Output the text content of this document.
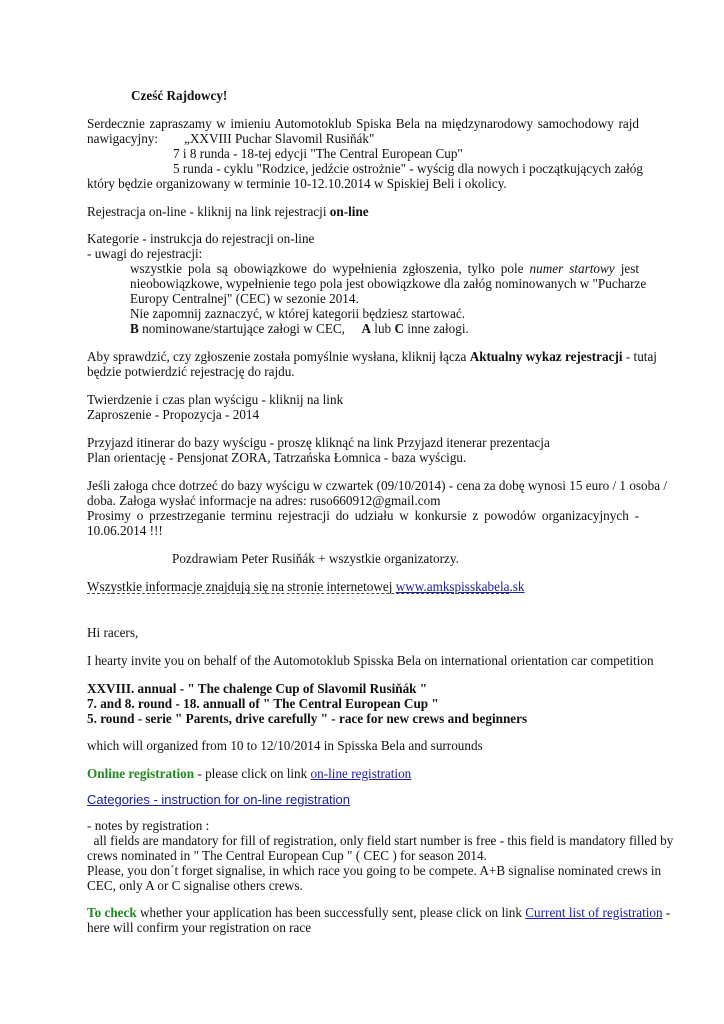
Cześć Rajdowcy!
Serdecznie zapraszamy w imieniu Automotoklub Spiska Bela na międzynarodowy samochodowy rajd
nawigacyjny: „XXVIII Puchar Slavomil Rusiňák"
7 i 8 runda - 18-tej edycji "The Central European Cup"
5 runda - cyklu "Rodzice, jedźcie ostrożnie" - wyścig dla nowych i początkujących załóg
który będzie organizowany w terminie 10-12.10.2014 w Spiskiej Beli i okolicy.
Rejestracja on-line - kliknij na link rejestracji on-line
Kategorie - instrukcja do rejestracji on-line
- uwagi do rejestracji:
wszystkie pola są obowiązkowe do wypełnienia zgłoszenia, tylko pole numer startowy jest
nieobowiązkowe, wypełnienie tego pola jest obowiązkowe dla załóg nominowanych w "Pucharze
Europy Centralnej" (CEC) w sezonie 2014.
Nie zapomnij zaznaczyć, w której kategorii będziesz startować.
B nominowane/startujące załogi w CEC,     A lub C inne załogi.
Aby sprawdzić, czy zgłoszenie została pomyślnie wysłana, kliknij łącza Aktualny wykaz rejestracji - tutaj
będzie potwierdzić rejestrację do rajdu.
Twierdzenie i czas plan wyścigu - kliknij na link
Zaproszenie - Propozycja - 2014
Przyjazd itinerar do bazy wyścigu - proszę kliknąć na link Przyjazd itenerar prezentacja
Plan orientację - Pensjonat ZORA, Tatrzańska Łomnica - baza wyścigu.
Jeśli załoga chce dotrzeć do bazy wyścigu w czwartek (09/10/2014) - cena za dobę wynosi 15 euro / 1 osoba /
doba. Załoga wysłać informacje na adres: ruso660912@gmail.com
Prosimy o przestrzeganie terminu rejestracji do udziału w konkursie z powodów organizacyjnych -
10.06.2014 !!!
Pozdrawiam Peter Rusiňák + wszystkie organizatorzy.
Wszystkie informacje znajdują się na stronie internetowej www.amkspisskabela.sk
Hi racers,
I hearty invite you on behalf of the Automotoklub Spisska Bela on international orientation car competition
XXVIII. annual - " The chalenge Cup of Slavomil Rusiňák "
7. and 8. round - 18. annuall of " The Central European Cup "
5. round - serie " Parents, drive carefully " - race for new crews and beginners
which will organized from 10 to 12/10/2014 in Spisska Bela and surrounds
Online registration - please click on link on-line registration
Categories - instruction for on-line registration
- notes by registration :
all fields are mandatory for fill of registration, only field start number is free - this field is mandatory filled by
crews nominated in " The Central European Cup " ( CEC ) for season 2014.
Please, you don´t forget signalise, in which race you going to be compete. A+B signalise nominated crews in
CEC, only A or C signalise others crews.
To check whether your application has been successfully sent, please click on link Current list of registration -
here will confirm your registration on race
